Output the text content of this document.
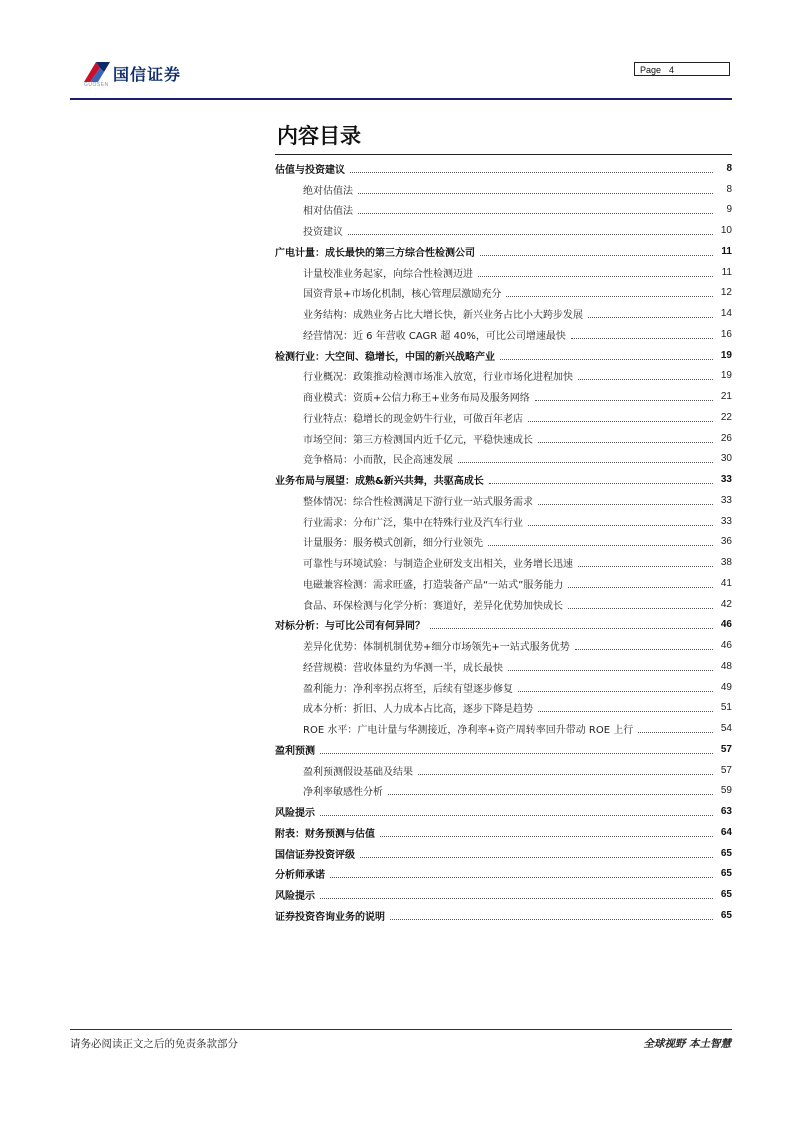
国信证券
GUOSEN
Page 4
内容目录
估值与投资建议	8
绝对估值法	8
相对估值法	9
投资建议	10
广电计量：成长最快的第三方综合性检测公司	11
计量校准业务起家，向综合性检测迈进	11
国资背景+市场化机制，核心管理层激励充分	12
业务结构：成熟业务占比大增长快，新兴业务占比小大跨步发展	14
经营情况：近 6 年营收 CAGR 超 40%，可比公司增速最快	16
检测行业：大空间、稳增长，中国的新兴战略产业	19
行业概况：政策推动检测市场准入放宽，行业市场化进程加快	19
商业模式：资质+公信力称王+业务布局及服务网络	21
行业特点：稳增长的现金奶牛行业，可做百年老店	22
市场空间：第三方检测国内近千亿元，平稳快速成长	26
竞争格局：小而散，民企高速发展	30
业务布局与展望：成熟&新兴共舞，共驱高成长	33
整体情况：综合性检测满足下游行业一站式服务需求	33
行业需求：分布广泛，集中在特殊行业及汽车行业	33
计量服务：服务模式创新，细分行业领先	36
可靠性与环境试验：与制造企业研发支出相关，业务增长迅速	38
电磁兼容检测：需求旺盛，打造装备产品“一站式”服务能力	41
食品、环保检测与化学分析：赛道好，差异化优势加快成长	42
对标分析：与可比公司有何异同？	46
差异化优势：体制机制优势+细分市场领先+一站式服务优势	46
经营规模：营收体量约为华测一半，成长最快	48
盈利能力：净利率拐点将至，后续有望逐步修复	49
成本分析：折旧、人力成本占比高，逐步下降是趋势	51
ROE 水平：广电计量与华测接近，净利率+资产周转率回升带动 ROE 上行	54
盈利预测	57
盈利预测假设基础及结果	57
净利率敏感性分析	59
风险提示	63
附表：财务预测与估值	64
国信证券投资评级	65
分析师承诺	65
风险提示	65
证券投资咨询业务的说明	65
请务必阅读正文之后的免责条款部分	全球视野 本土智慧
